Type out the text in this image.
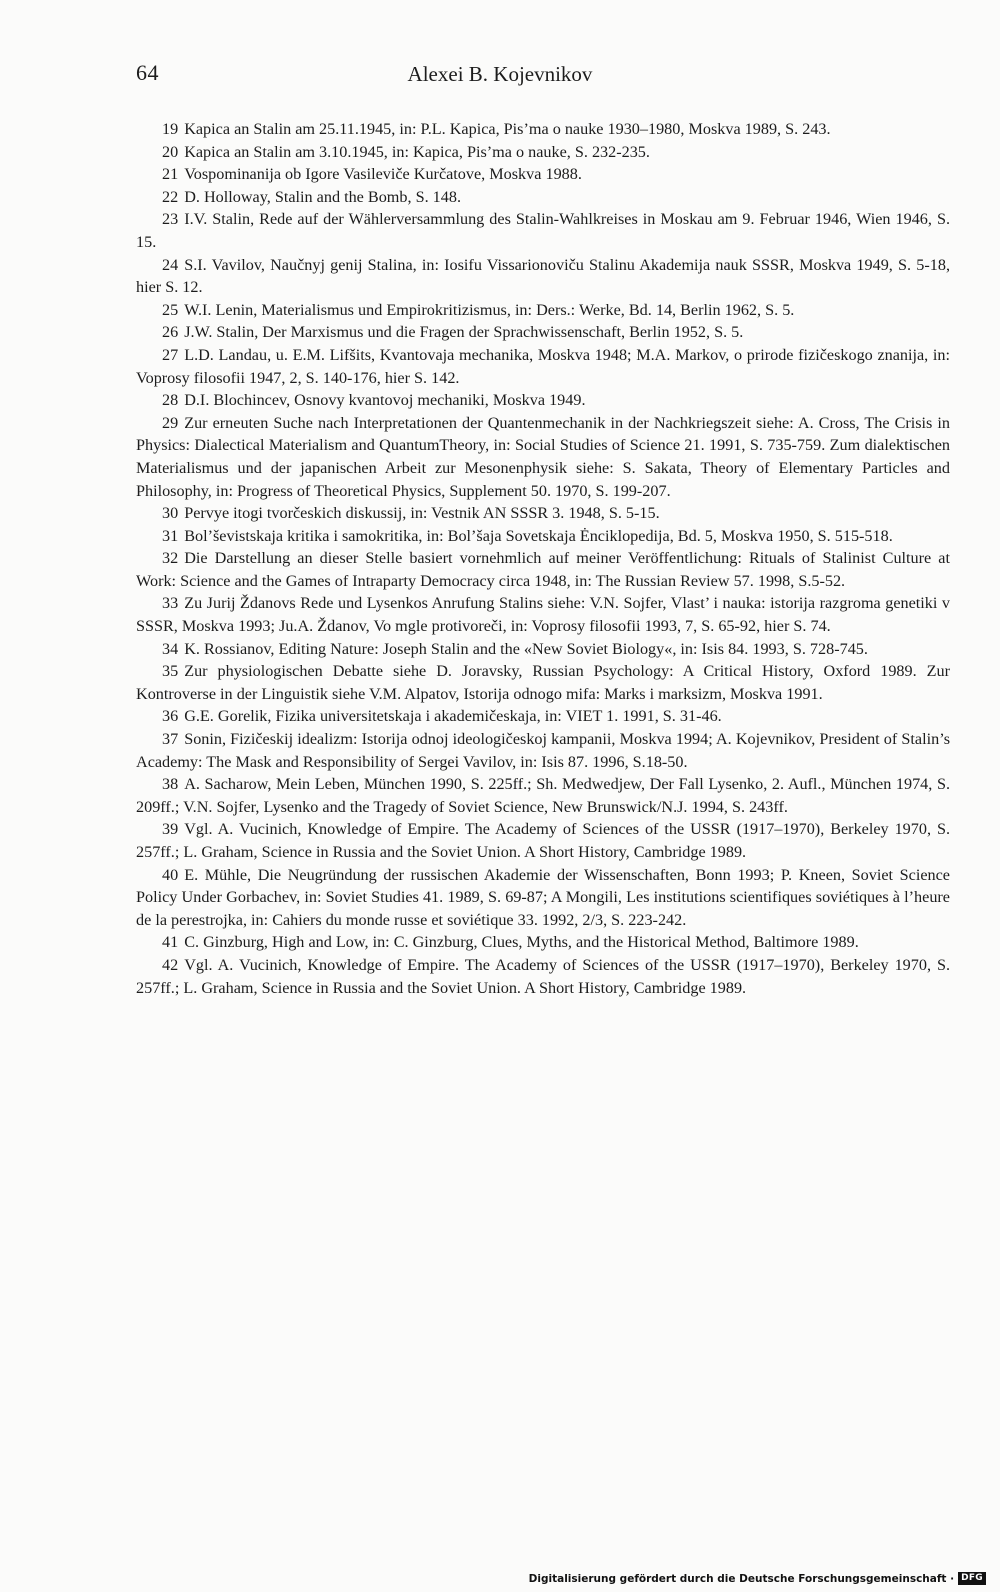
64	Alexei B. Kojevnikov

19 Kapica an Stalin am 25.11.1945, in: P.L. Kapica, Pis’ma o nauke 1930–1980, Moskva 1989, S. 243.

20 Kapica an Stalin am 3.10.1945, in: Kapica, Pis’ma o nauke, S. 232-235.

21 Vospominanija ob Igore Vasileviče Kurčatove, Moskva 1988.

22 D. Holloway, Stalin and the Bomb, S. 148.

23 I.V. Stalin, Rede auf der Wählerversammlung des Stalin-Wahlkreises in Moskau am 9. Februar 1946, Wien 1946, S. 15.

24 S.I. Vavilov, Naučnyj genij Stalina, in: Iosifu Vissarionoviču Stalinu Akademija nauk SSSR, Moskva 1949, S. 5-18, hier S. 12.

25 W.I. Lenin, Materialismus und Empirokritizismus, in: Ders.: Werke, Bd. 14, Berlin 1962, S. 5.

26 J.W. Stalin, Der Marxismus und die Fragen der Sprachwissenschaft, Berlin 1952, S. 5.

27 L.D. Landau, u. E.M. Lifšits, Kvantovaja mechanika, Moskva 1948; M.A. Markov, o prirode fizičeskogo znanija, in: Voprosy filosofii 1947, 2, S. 140-176, hier S. 142.

28 D.I. Blochincev, Osnovy kvantovoj mechaniki, Moskva 1949.

29 Zur erneuten Suche nach Interpretationen der Quantenmechanik in der Nachkriegszeit siehe: A. Cross, The Crisis in Physics: Dialectical Materialism and QuantumTheory, in: Social Studies of Science 21. 1991, S. 735-759. Zum dialektischen Materialismus und der japanischen Arbeit zur Mesonenphysik siehe: S. Sakata, Theory of Elementary Particles and Philosophy, in: Progress of Theoretical Physics, Supplement 50. 1970, S. 199-207.

30 Pervye itogi tvorčeskich diskussij, in: Vestnik AN SSSR 3. 1948, S. 5-15.

31 Bol’ševistskaja kritika i samokritika, in: Bol’šaja Sovetskaja Ėnciklopedija, Bd. 5, Moskva 1950, S. 515-518.

32 Die Darstellung an dieser Stelle basiert vornehmlich auf meiner Veröffentlichung: Rituals of Stalinist Culture at Work: Science and the Games of Intraparty Democracy circa 1948, in: The Russian Review 57. 1998, S.5-52.

33 Zu Jurij Ždanovs Rede und Lysenkos Anrufung Stalins siehe: V.N. Sojfer, Vlast’ i nauka: istorija razgroma genetiki v SSSR, Moskva 1993; Ju.A. Ždanov, Vo mgle protivoreči, in: Voprosy filosofii 1993, 7, S. 65-92, hier S. 74.

34 K. Rossianov, Editing Nature: Joseph Stalin and the «New Soviet Biology«, in: Isis 84. 1993, S. 728-745.

35 Zur physiologischen Debatte siehe D. Joravsky, Russian Psychology: A Critical History, Oxford 1989. Zur Kontroverse in der Linguistik siehe V.M. Alpatov, Istorija odnogo mifa: Marks i marksizm, Moskva 1991.

36 G.E. Gorelik, Fizika universitetskaja i akademičeskaja, in: VIET 1. 1991, S. 31-46.

37 Sonin, Fizičeskij idealizm: Istorija odnoj ideologičeskoj kampanii, Moskva 1994; A. Kojevnikov, President of Stalin’s Academy: The Mask and Responsibility of Sergei Vavilov, in: Isis 87. 1996, S.18-50.

38 A. Sacharow, Mein Leben, München 1990, S. 225ff.; Sh. Medwedjew, Der Fall Lysenko, 2. Aufl., München 1974, S. 209ff.; V.N. Sojfer, Lysenko and the Tragedy of Soviet Science, New Brunswick/N.J. 1994, S. 243ff.

39 Vgl. A. Vucinich, Knowledge of Empire. The Academy of Sciences of the USSR (1917–1970), Berkeley 1970, S. 257ff.; L. Graham, Science in Russia and the Soviet Union. A Short History, Cambridge 1989.

40 E. Mühle, Die Neugründung der russischen Akademie der Wissenschaften, Bonn 1993; P. Kneen, Soviet Science Policy Under Gorbachev, in: Soviet Studies 41. 1989, S. 69-87; A Mongili, Les institutions scientifiques soviétiques à l’heure de la perestrojka, in: Cahiers du monde russe et soviétique 33. 1992, 2/3, S. 223-242.

41 C. Ginzburg, High and Low, in: C. Ginzburg, Clues, Myths, and the Historical Method, Baltimore 1989.

42 Vgl. A. Vucinich, Knowledge of Empire. The Academy of Sciences of the USSR (1917–1970), Berkeley 1970, S. 257ff.; L. Graham, Science in Russia and the Soviet Union. A Short History, Cambridge 1989.

Digitalisierung gefördert durch die Deutsche Forschungsgemeinschaft · DFG
